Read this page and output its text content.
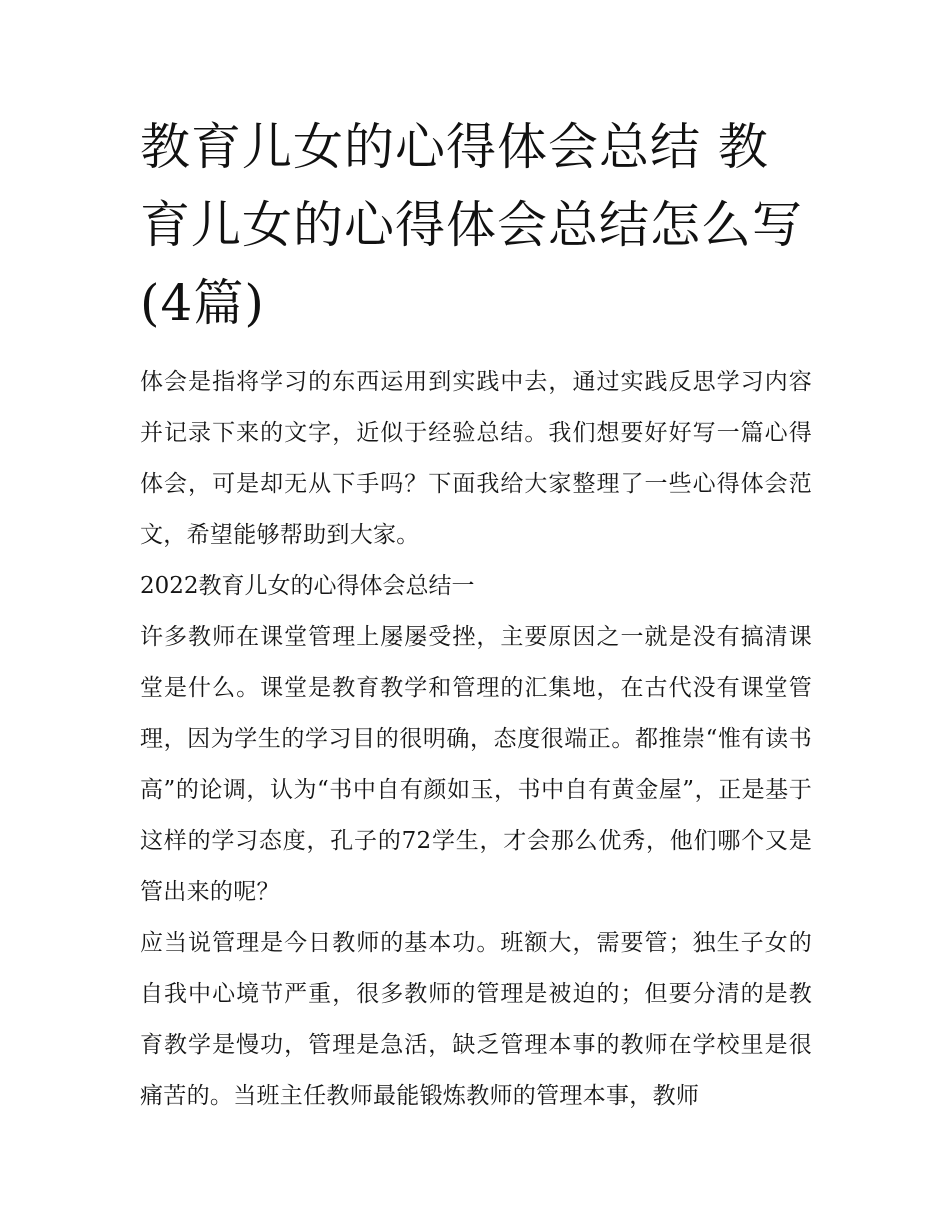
教育儿女的心得体会总结 教育儿女的心得体会总结怎么写(4篇)

体会是指将学习的东西运用到实践中去，通过实践反思学习内容并记录下来的文字，近似于经验总结。我们想要好好写一篇心得体会，可是却无从下手吗？下面我给大家整理了一些心得体会范文，希望能够帮助到大家。

2022教育儿女的心得体会总结一

许多教师在课堂管理上屡屡受挫，主要原因之一就是没有搞清课堂是什么。课堂是教育教学和管理的汇集地，在古代没有课堂管理，因为学生的学习目的很明确，态度很端正。都推崇“惟有读书高”的论调，认为“书中自有颜如玉，书中自有黄金屋”，正是基于这样的学习态度，孔子的72学生，才会那么优秀，他们哪个又是管出来的呢？

应当说管理是今日教师的基本功。班额大，需要管；独生子女的自我中心境节严重，很多教师的管理是被迫的；但要分清的是教育教学是慢功，管理是急活，缺乏管理本事的教师在学校里是很痛苦的。当班主任教师最能锻炼教师的管理本事，教师
